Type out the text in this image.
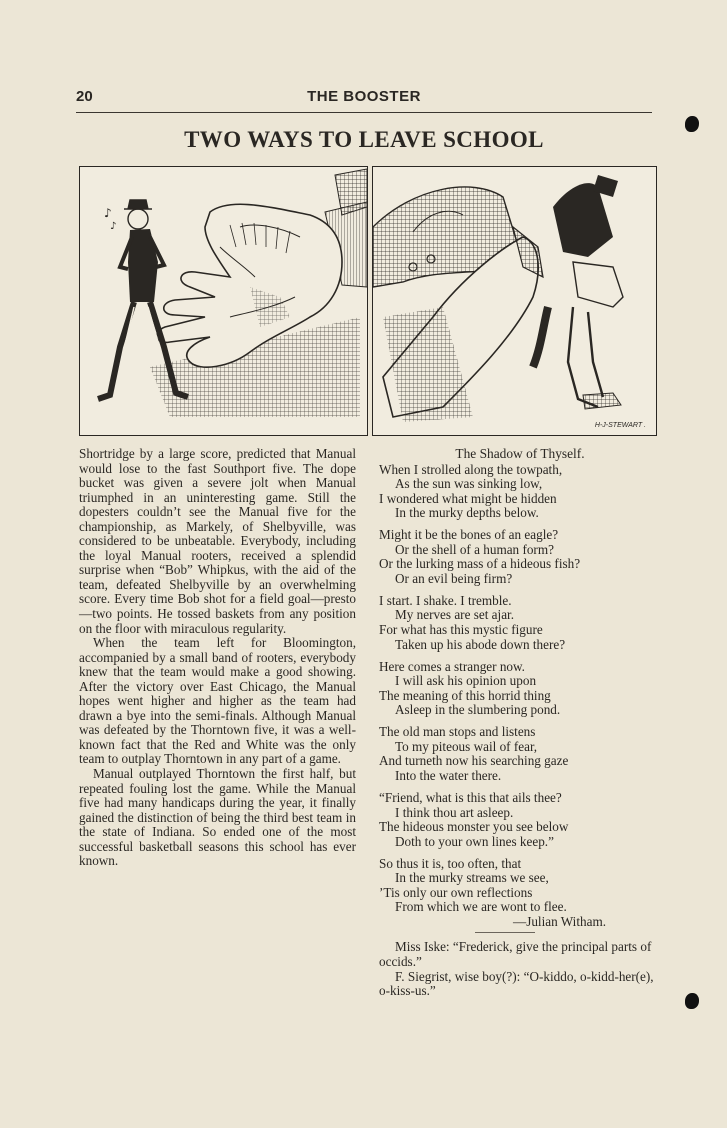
20	THE BOOSTER
TWO WAYS TO LEAVE SCHOOL
♪
♪
H-J-STEWART .

Shortridge by a large score, predicted that Manual would lose to the fast Southport five. The dope bucket was given a severe jolt when Manual triumphed in an uninteresting game. Still the dopesters couldn’t see the Manual five for the championship, as Markely, of Shelbyville, was considered to be unbeatable. Everybody, including the loyal Manual rooters, received a splendid surprise when “Bob” Whipkus, with the aid of the team, defeated Shelbyville by an overwhelming score. Every time Bob shot for a field goal—presto—two points. He tossed baskets from any position on the floor with miraculous regularity.

When the team left for Bloomington, accompanied by a small band of rooters, everybody knew that the team would make a good showing. After the victory over East Chicago, the Manual hopes went higher and higher as the team had drawn a bye into the semi-finals. Although Manual was defeated by the Thorntown five, it was a well-known fact that the Red and White was the only team to outplay Thorntown in any part of a game.

Manual outplayed Thorntown the first half, but repeated fouling lost the game. While the Manual five had many handicaps during the year, it finally gained the distinction of being the third best team in the state of Indiana. So ended one of the most successful basketball seasons this school has ever known.

The Shadow of Thyself.
When I strolled along the towpath,
As the sun was sinking low,
I wondered what might be hidden
In the murky depths below.
Might it be the bones of an eagle?
Or the shell of a human form?
Or the lurking mass of a hideous fish?
Or an evil being firm?
I start. I shake. I tremble.
My nerves are set ajar.
For what has this mystic figure
Taken up his abode down there?
Here comes a stranger now.
I will ask his opinion upon
The meaning of this horrid thing
Asleep in the slumbering pond.
The old man stops and listens
To my piteous wail of fear,
And turneth now his searching gaze
Into the water there.
“Friend, what is this that ails thee?
I think thou art asleep.
The hideous monster you see below
Doth to your own lines keep.”
So thus it is, too often, that
In the murky streams we see,
’Tis only our own reflections
From which we are wont to flee.
—Julian Witham.
Miss Iske: “Frederick, give the principal parts of occids.”
F. Siegrist, wise boy(?): “O-kiddo, o-kidd-her(e), o-kiss-us.”
